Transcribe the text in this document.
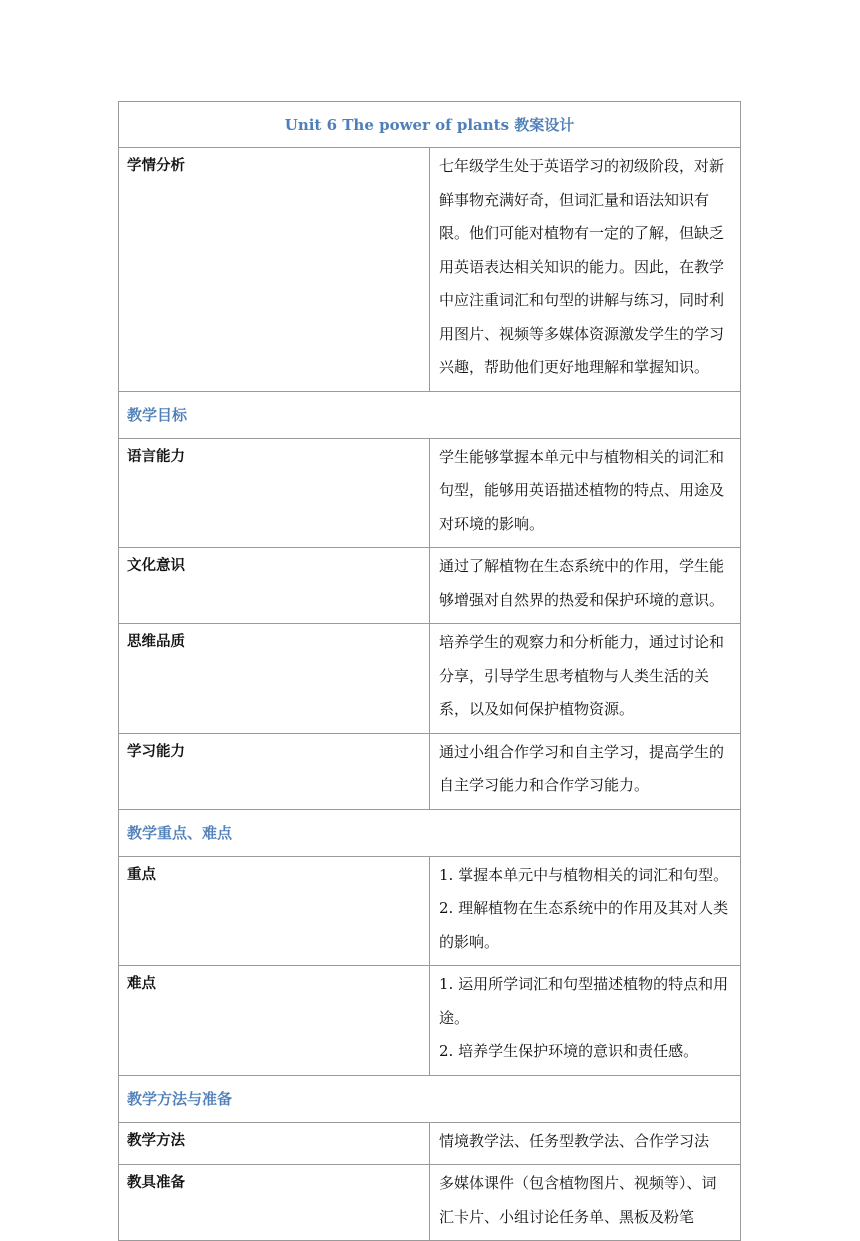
Unit 6 The power of plants 教案设计	
学情分析	七年级学生处于英语学习的初级阶段，对新鲜事物充满好奇，但词汇量和语法知识有限。他们可能对植物有一定的了解，但缺乏用英语表达相关知识的能力。因此，在教学中应注重词汇和句型的讲解与练习，同时利用图片、视频等多媒体资源激发学生的学习兴趣，帮助他们更好地理解和掌握知识。
教学目标	
语言能力	学生能够掌握本单元中与植物相关的词汇和句型，能够用英语描述植物的特点、用途及对环境的影响。
文化意识	通过了解植物在生态系统中的作用，学生能够增强对自然界的热爱和保护环境的意识。
思维品质	培养学生的观察力和分析能力，通过讨论和分享，引导学生思考植物与人类生活的关系，以及如何保护植物资源。
学习能力	通过小组合作学习和自主学习，提高学生的自主学习能力和合作学习能力。
教学重点、难点	
重点	1. 掌握本单元中与植物相关的词汇和句型。
2. 理解植物在生态系统中的作用及其对人类的影响。

难点	1. 运用所学词汇和句型描述植物的特点和用途。
2. 培养学生保护环境的意识和责任感。

教学方法与准备	
教学方法	情境教学法、任务型教学法、合作学习法
教具准备	多媒体课件（包含植物图片、视频等）、词汇卡片、小组讨论任务单、黑板及粉笔
